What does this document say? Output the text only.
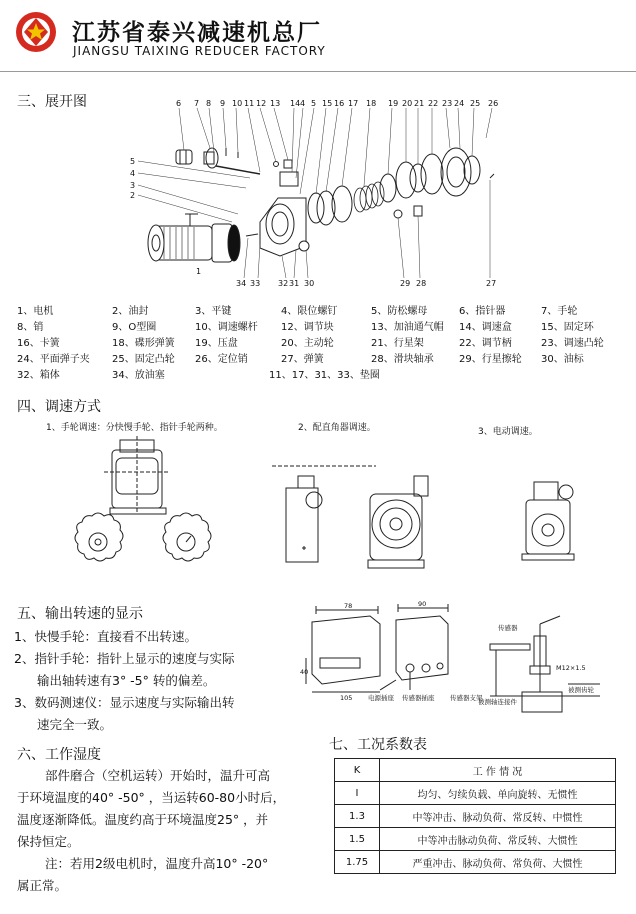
江苏省泰兴减速机总厂
JIANGSU TAIXING REDUCER FACTORY
三、展开图	6 7 8 9 10 11 12 13 14 4 5 15 16 17 18 19 20 21 22 23 24 25 26
5
4
3
2
1
34 33 32 31 30	29 28	27
1、电机	2、油封	3、平键	4、限位螺钉	5、防松螺母	6、指针器	7、手轮
8、销	9、O型圈	10、调速螺杆 12、调节块	13、加油通气帽 14、调速盒	15、固定环
16、卡簧	18、碟形弹簧 19、压盘	20、主动轮	21、行星架	22、调节柄	23、调速凸轮
24、平面弹子夹 25、固定凸轮 26、定位销	27、弹簧	28、滑块轴承	29、行星擦轮 30、油标
32、箱体	34、放油塞	11、17、31、33、垫圈
四、调速方式
1、手轮调速：分快慢手轮、指针手轮两种。	2、配直角器调速。	3、电动调速。
五、输出转速的显示
1、快慢手轮：直接看不出转速。
2、指针手轮：指针上显示的速度与实际
输出轴转速有3° -5° 转的偏差。
3、数码测速仪：显示速度与实际输出转
速完全一致。
78	90
40
105
传感器
电源插座 传感器插座	被测轴连接件
M12×1.5
被测齿轮
传感器支架
六、工作湿度
部件磨合（空机运转）开始时，温升可高
于环境温度的40° -50° ，当运转60-80小时后，
温度逐渐降低。温度约高于环境温度25° ，并
保持恒定。
注：若用2级电机时，温度升高10° -20°
属正常。
七、工况系数表
K	工 作 情 况
I	均匀、匀续负载、单向旋转、无惯性
1.3	中等冲击、脉动负荷、常反转、中惯性
1.5	中等冲击脉动负荷、常反转、大惯性
1.75	严重冲击、脉动负荷、常负荷、大惯性
